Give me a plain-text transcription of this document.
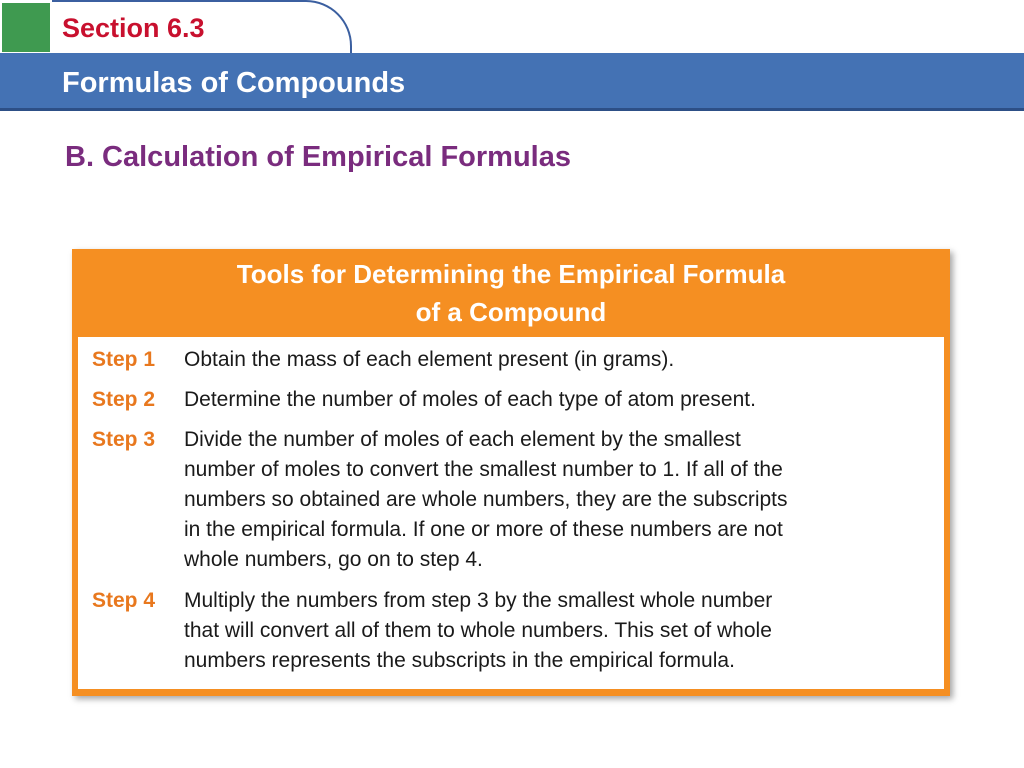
Section 6.3
Formulas of Compounds
B. Calculation of Empirical Formulas
Tools for Determining the Empirical Formula
of a Compound
Step 1 Obtain the mass of each element present (in grams).
Step 2 Determine the number of moles of each type of atom present.
Step 3 Divide the number of moles of each element by the smallest
number of moles to convert the smallest number to 1. If all of the
numbers so obtained are whole numbers, they are the subscripts
in the empirical formula. If one or more of these numbers are not
whole numbers, go on to step 4.
Step 4 Multiply the numbers from step 3 by the smallest whole number
that will convert all of them to whole numbers. This set of whole
numbers represents the subscripts in the empirical formula.
